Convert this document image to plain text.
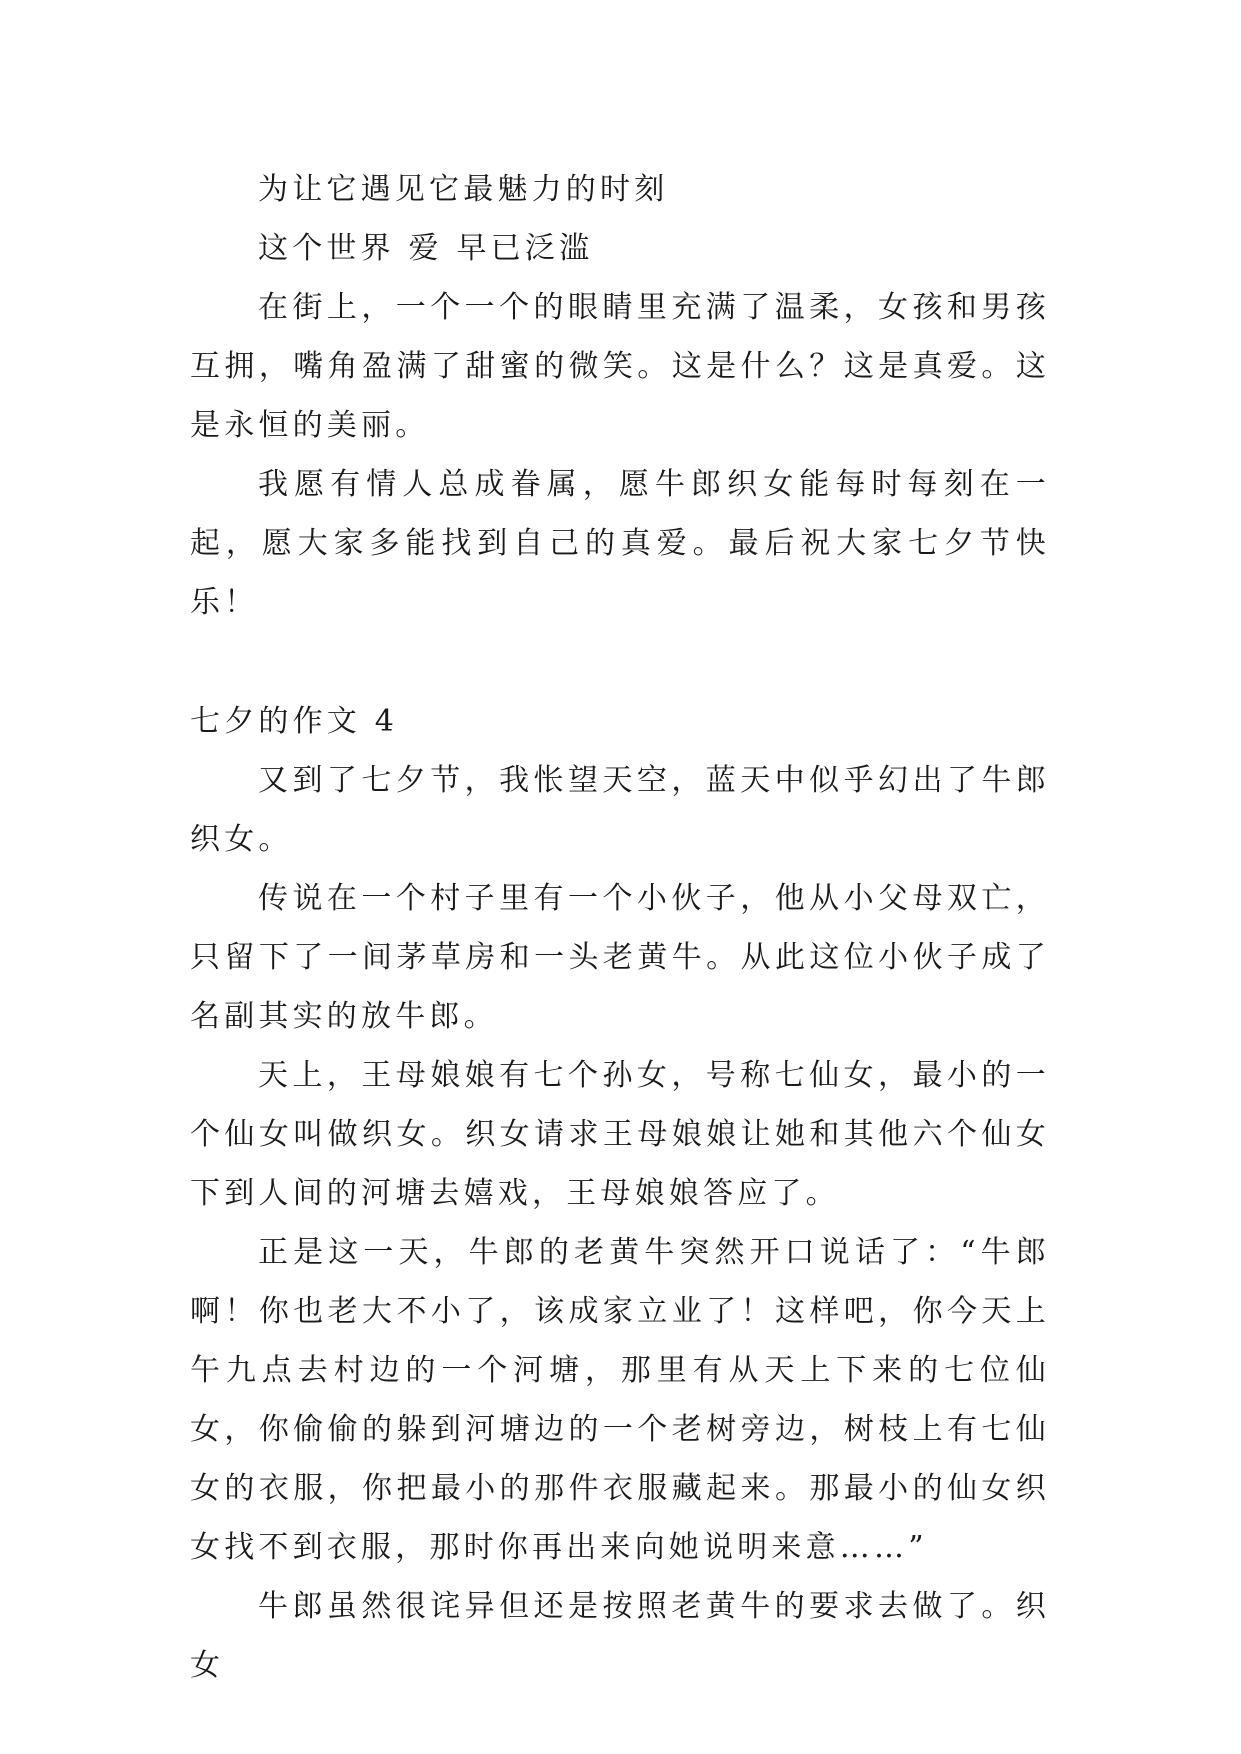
为让它遇见它最魅力的时刻

这个世界 爱 早已泛滥

在街上，一个一个的眼睛里充满了温柔，女孩和男孩互拥，嘴角盈满了甜蜜的微笑。这是什么？这是真爱。这是永恒的美丽。

我愿有情人总成眷属，愿牛郎织女能每时每刻在一起，愿大家多能找到自己的真爱。最后祝大家七夕节快乐！

七夕的作文 4

又到了七夕节，我怅望天空，蓝天中似乎幻出了牛郎织女。

传说在一个村子里有一个小伙子，他从小父母双亡，只留下了一间茅草房和一头老黄牛。从此这位小伙子成了名副其实的放牛郎。

天上，王母娘娘有七个孙女，号称七仙女，最小的一个仙女叫做织女。织女请求王母娘娘让她和其他六个仙女下到人间的河塘去嬉戏，王母娘娘答应了。

正是这一天，牛郎的老黄牛突然开口说话了：“牛郎啊！你也老大不小了，该成家立业了！这样吧，你今天上午九点去村边的一个河塘，那里有从天上下来的七位仙女，你偷偷的躲到河塘边的一个老树旁边，树枝上有七仙女的衣服，你把最小的那件衣服藏起来。那最小的仙女织女找不到衣服，那时你再出来向她说明来意……”

牛郎虽然很诧异但还是按照老黄牛的要求去做了。织女
